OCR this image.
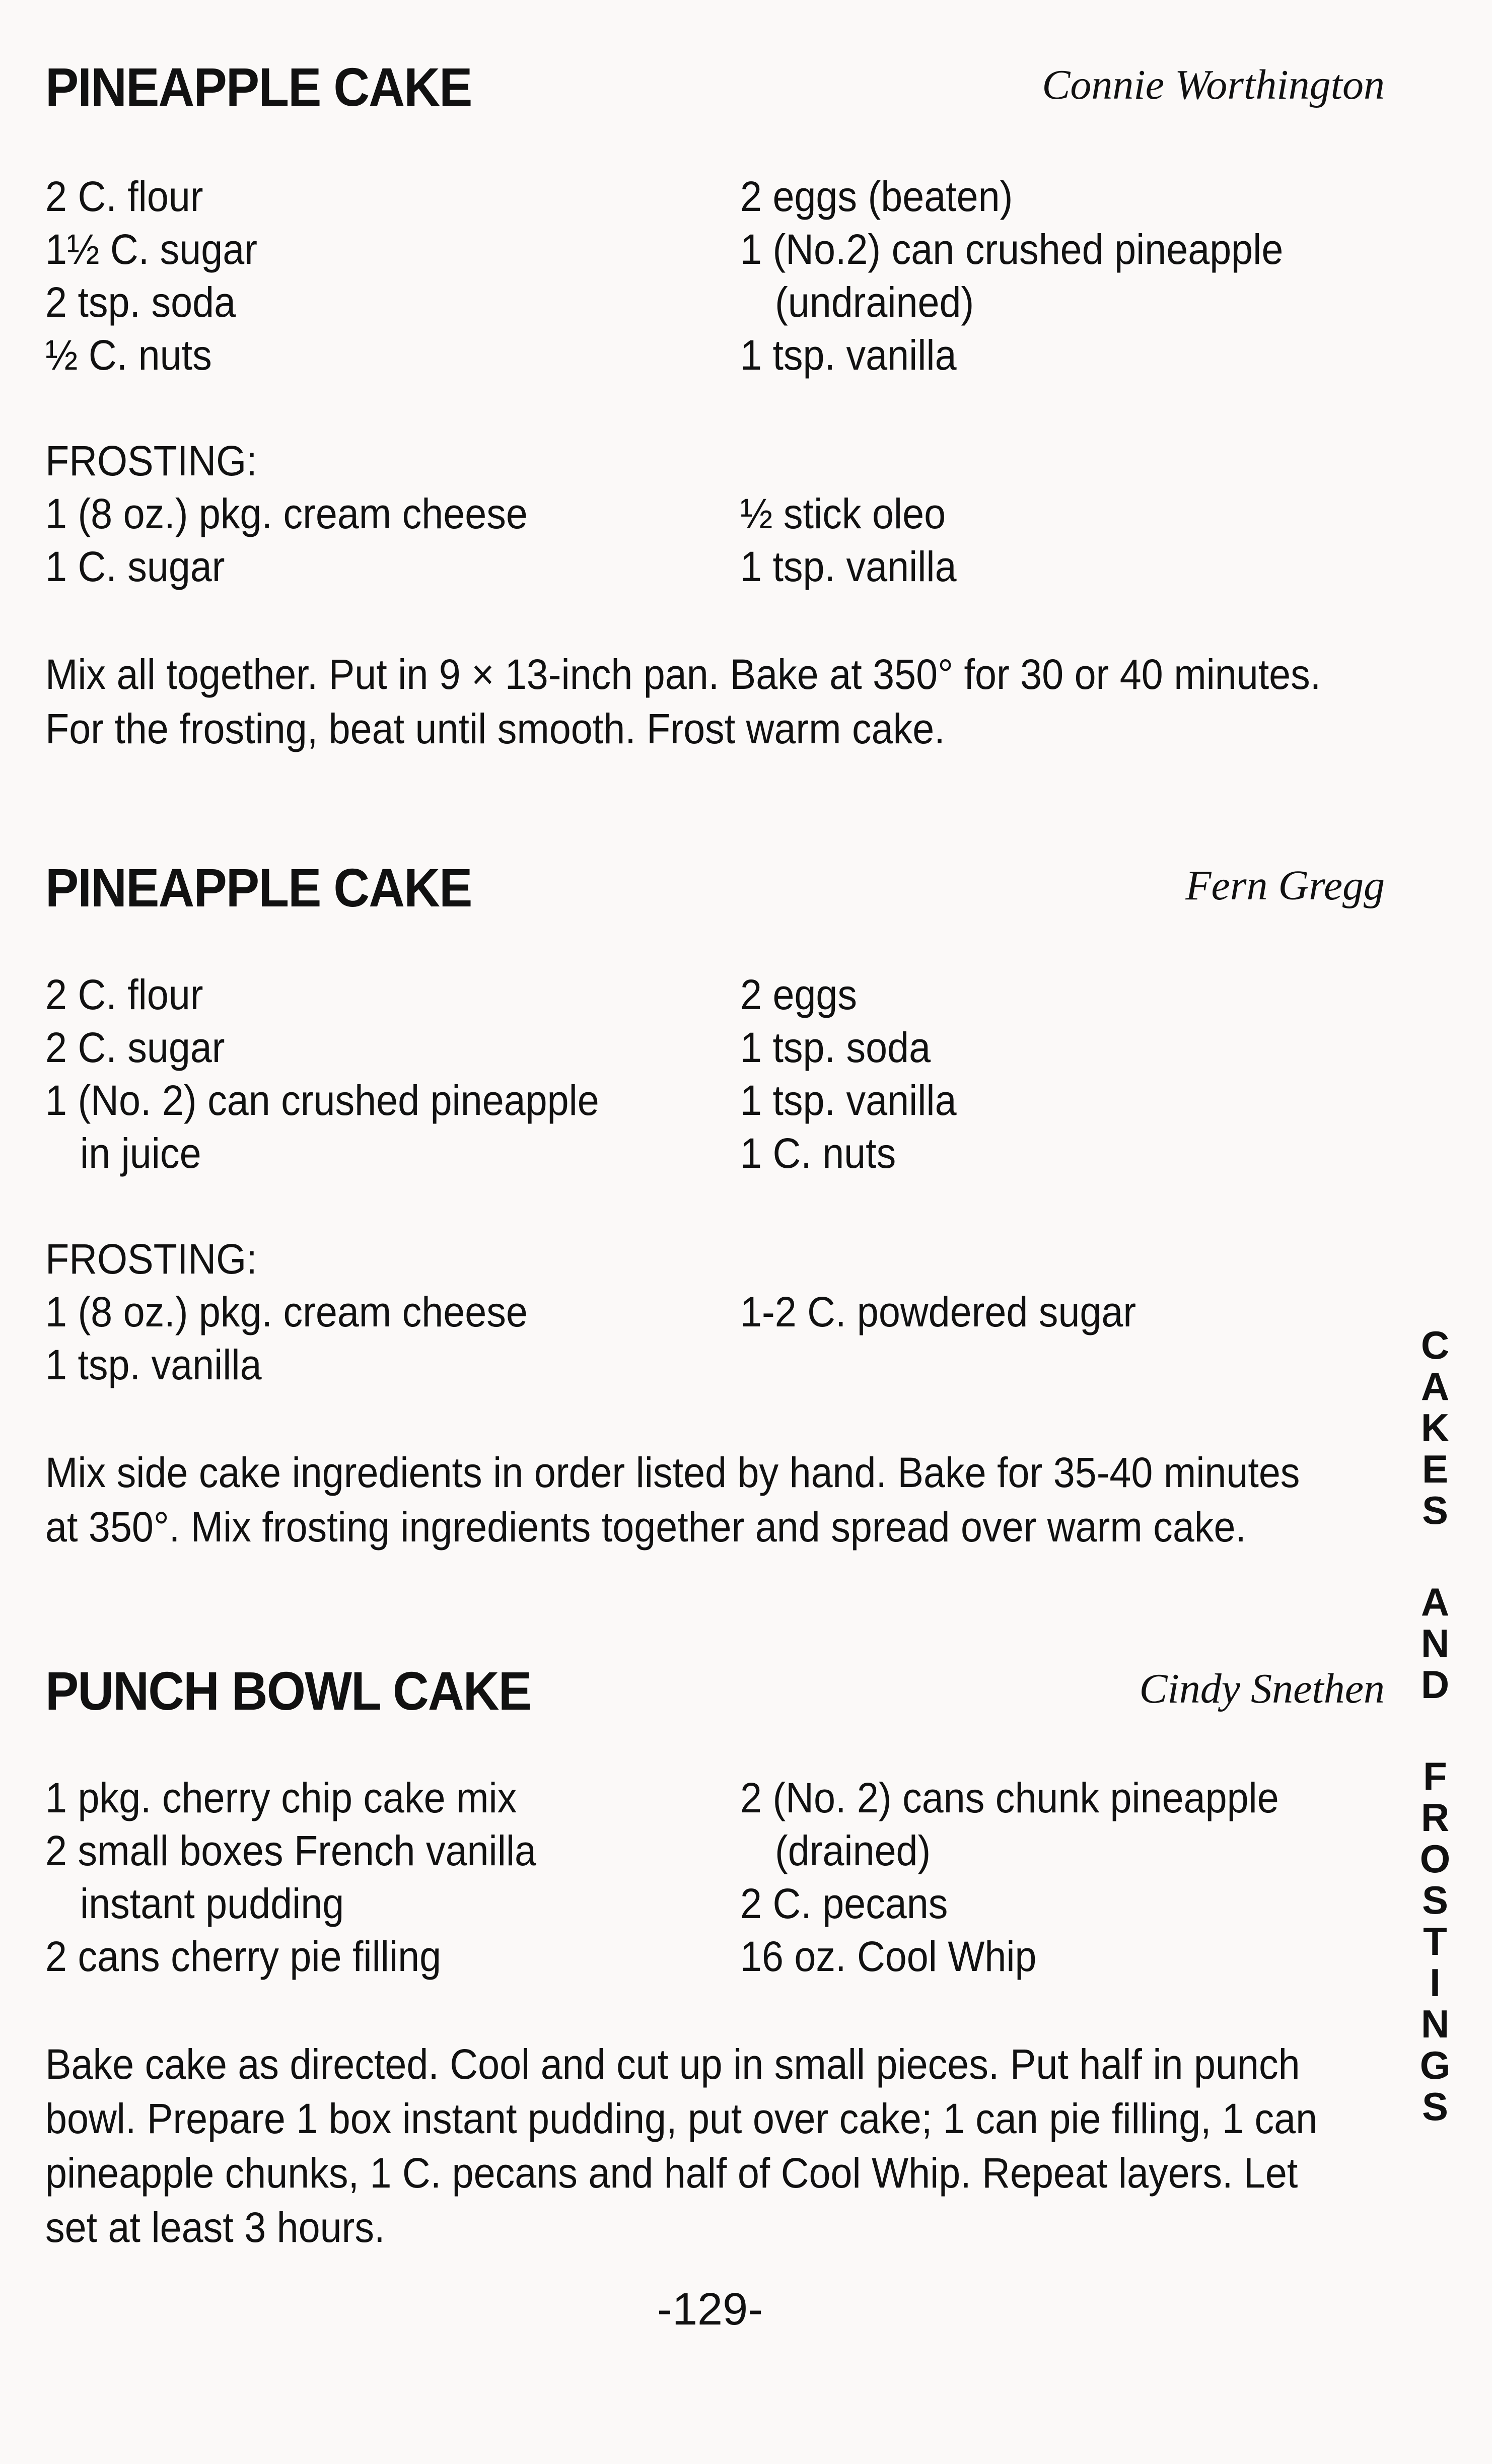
PINEAPPLE CAKE	Connie Worthington
2 C. flour
1½ C. sugar
2 tsp. soda
½ C. nuts
2 eggs (beaten)
1 (No.2) can crushed pineapple
(undrained)
1 tsp. vanilla
FROSTING:
1 (8 oz.) pkg. cream cheese
1 C. sugar
½ stick oleo
1 tsp. vanilla
Mix all together. Put in 9 × 13-inch pan. Bake at 350° for 30 or 40 minutes.
For the frosting, beat until smooth. Frost warm cake.
PINEAPPLE CAKE	Fern Gregg
2 C. flour
2 C. sugar
1 (No. 2) can crushed pineapple
in juice
2 eggs
1 tsp. soda
1 tsp. vanilla
1 C. nuts
FROSTING:
1 (8 oz.) pkg. cream cheese
1 tsp. vanilla
1-2 C. powdered sugar
Mix side cake ingredients in order listed by hand. Bake for 35-40 minutes
at 350°. Mix frosting ingredients together and spread over warm cake.
PUNCH BOWL CAKE	Cindy Snethen
1 pkg. cherry chip cake mix
2 small boxes French vanilla
instant pudding
2 cans cherry pie filling
2 (No. 2) cans chunk pineapple
(drained)
2 C. pecans
16 oz. Cool Whip
Bake cake as directed. Cool and cut up in small pieces. Put half in punch
bowl. Prepare 1 box instant pudding, put over cake; 1 can pie filling, 1 can
pineapple chunks, 1 C. pecans and half of Cool Whip. Repeat layers. Let
set at least 3 hours.
C
A
K
E
S
A
N
D
F
R
O
S
T
I
N
G
S
-129-
